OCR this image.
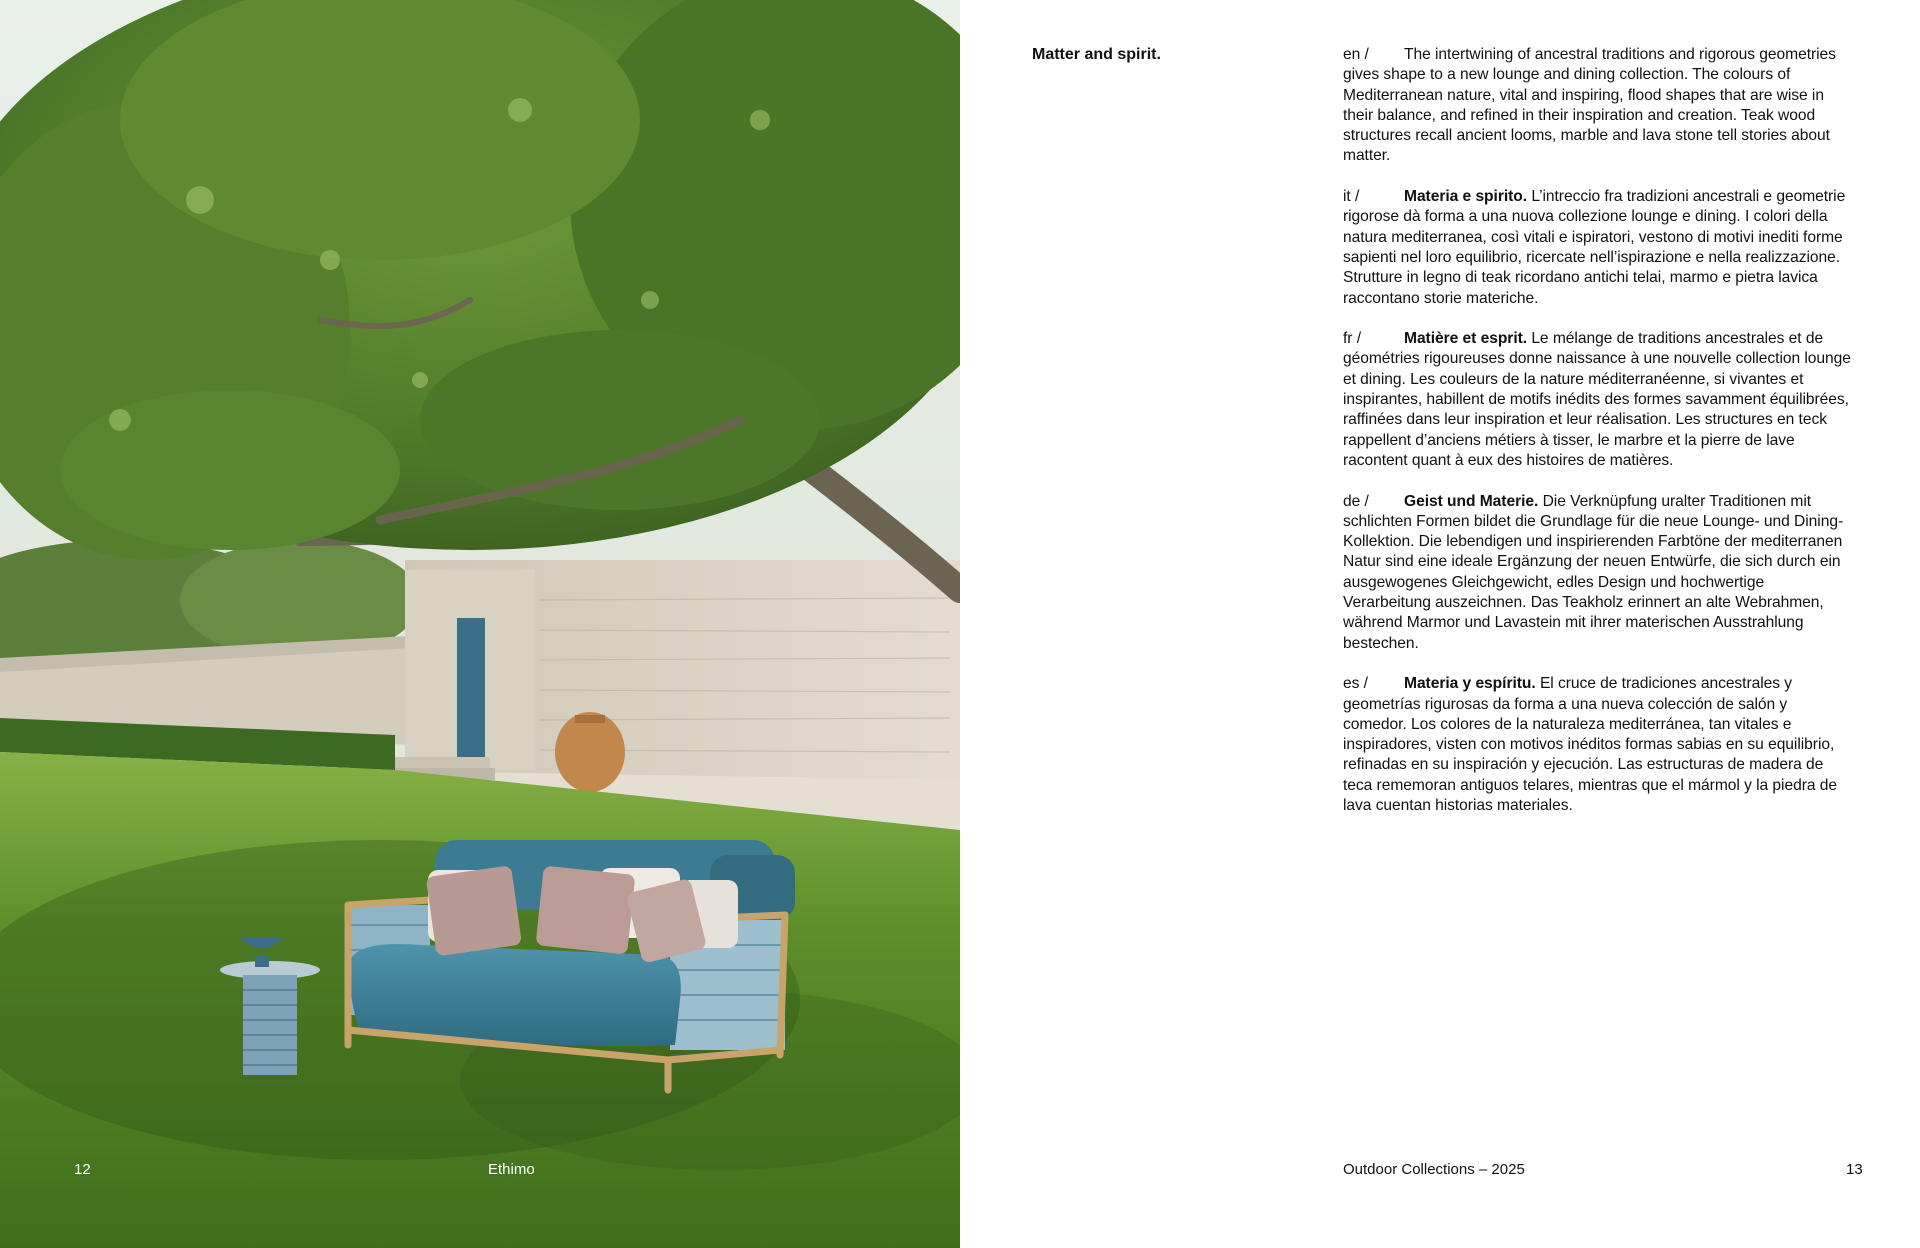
12	Ethimo
Matter and spirit.	en / The intertwining of ancestral traditions and rigorous geometries gives shape to a new lounge and dining collection. The colours of Mediterranean nature, vital and inspiring, flood shapes that are wise in their balance, and refined in their inspiration and creation. Teak wood structures recall ancient looms, marble and lava stone tell stories about matter.

it /	Materia e spirito. L’intreccio fra tradizioni ancestrali e geometrie rigorose dà forma a una nuova collezione lounge e dining. I colori della natura mediterranea, così vitali e ispiratori, vestono di motivi inediti forme sapienti nel loro equilibrio, ricercate nell’ispirazione e nella realizzazione. Strutture in legno di teak ricordano antichi telai, marmo e pietra lavica raccontano storie materiche.

fr /	Matière et esprit. Le mélange de traditions ancestrales et de géométries rigoureuses donne naissance à une nouvelle collection lounge et dining. Les couleurs de la nature méditerranéenne, si vivantes et inspirantes, habillent de motifs inédits des formes savamment équilibrées, raffinées dans leur inspiration et leur réalisation. Les structures en teck rappellent d’anciens métiers à tisser, le marbre et la pierre de lave racontent quant à eux des histoires de matières.

de / Geist und Materie. Die Verknüpfung uralter Traditionen mit schlichten Formen bildet die Grundlage für die neue Lounge- und Dining-Kollektion. Die lebendigen und inspirierenden Farbtöne der mediterranen Natur sind eine ideale Ergänzung der neuen Entwürfe, die sich durch ein ausgewogenes Gleichgewicht, edles Design und hochwertige Verarbeitung auszeichnen. Das Teakholz erinnert an alte Webrahmen, während Marmor und Lavastein mit ihrer materischen Ausstrahlung bestechen.

es / Materia y espíritu. El cruce de tradiciones ancestrales y geometrías rigurosas da forma a una nueva colección de salón y comedor. Los colores de la naturaleza mediterránea, tan vitales e inspiradores, visten con motivos inéditos formas sabias en su equilibrio, refinadas en su inspiración y ejecución. Las estructuras de madera de teca rememoran antiguos telares, mientras que el mármol y la piedra de lava cuentan historias materiales.

Outdoor Collections – 2025	13
